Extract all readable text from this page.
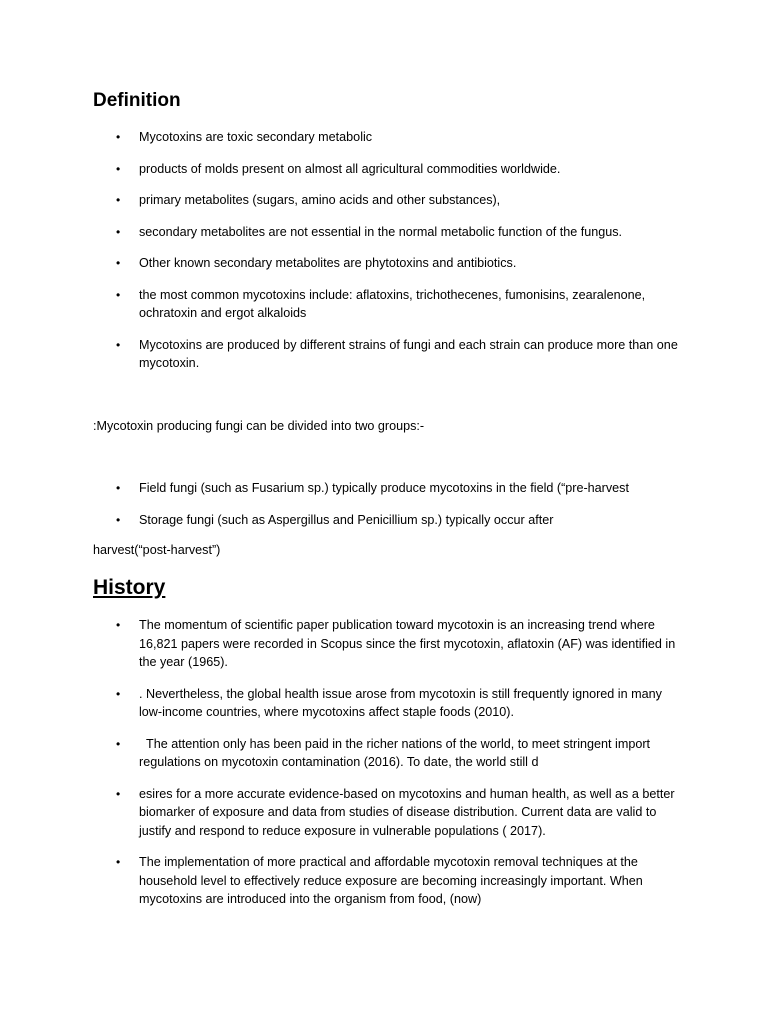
Definition
• Mycotoxins are toxic secondary metabolic
• products of molds present on almost all agricultural commodities worldwide.
• primary metabolites (sugars, amino acids and other substances),
• secondary metabolites are not essential in the normal metabolic function of the fungus.
• Other known secondary metabolites are phytotoxins and antibiotics.
• the most common mycotoxins include: aflatoxins, trichothecenes, fumonisins, zearalenone, ochratoxin and ergot alkaloids
• Mycotoxins are produced by different strains of fungi and each strain can produce more than one mycotoxin.

:Mycotoxin producing fungi can be divided into two groups:-

• Field fungi (such as Fusarium sp.) typically produce mycotoxins in the field (“pre-harvest
• Storage fungi (such as Aspergillus and Penicillium sp.) typically occur after

harvest(“post-harvest”)

History
• The momentum of scientific paper publication toward mycotoxin is an increasing trend where 16,821 papers were recorded in Scopus since the first mycotoxin, aflatoxin (AF) was identified in the year (1965).
• . Nevertheless, the global health issue arose from mycotoxin is still frequently ignored in many low-income countries, where mycotoxins affect staple foods (2010).
• The attention only has been paid in the richer nations of the world, to meet stringent import regulations on mycotoxin contamination (2016). To date, the world still d
• esires for a more accurate evidence-based on mycotoxins and human health, as well as a better biomarker of exposure and data from studies of disease distribution. Current data are valid to justify and respond to reduce exposure in vulnerable populations ( 2017).
• The implementation of more practical and affordable mycotoxin removal techniques at the household level to effectively reduce exposure are becoming increasingly important. When mycotoxins are introduced into the organism from food, (now)
